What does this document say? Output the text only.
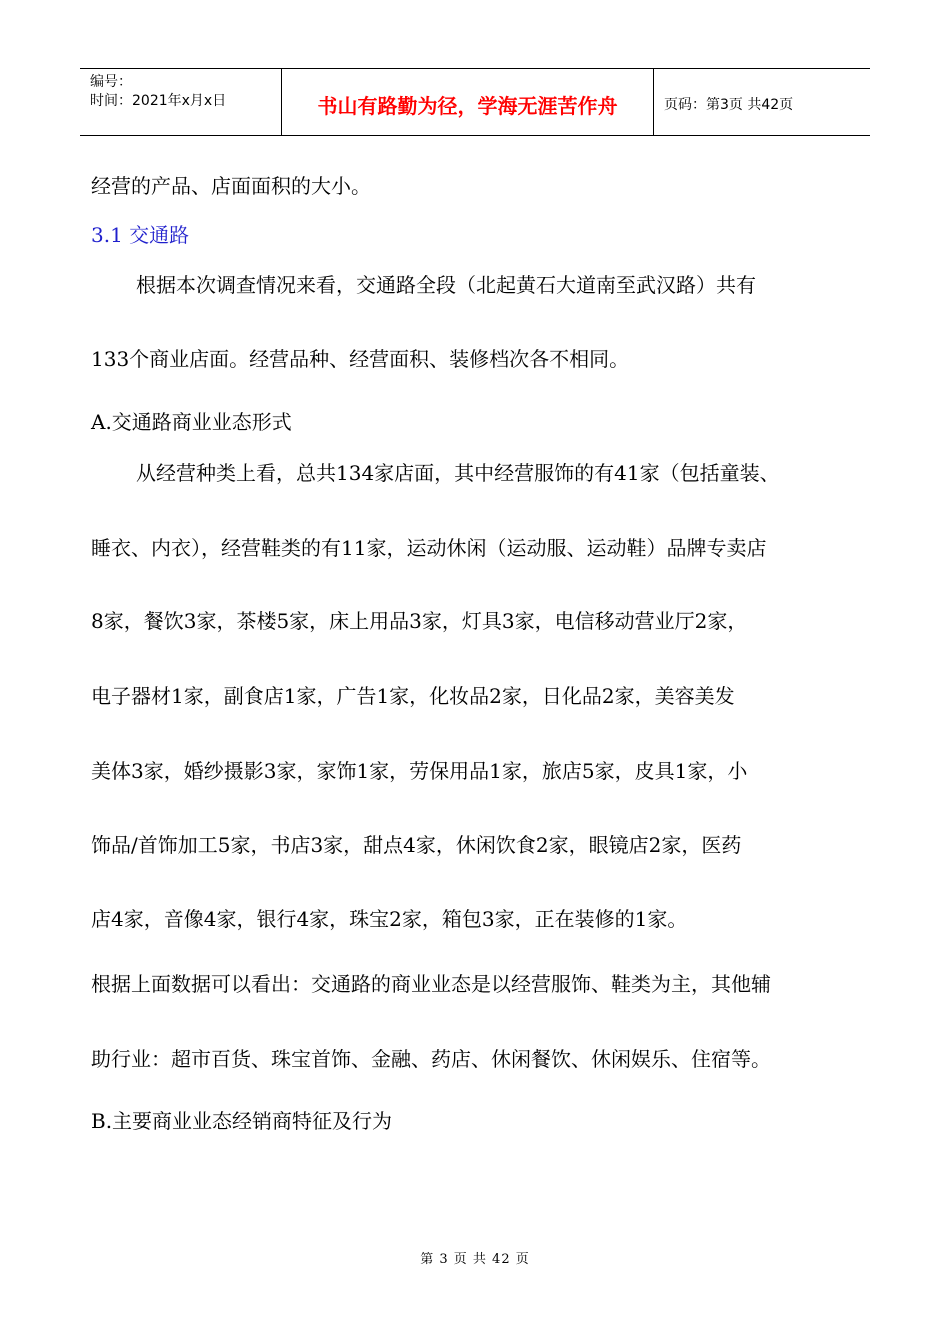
编号：
时间：2021年x月x日	书山有路勤为径，学海无涯苦作舟	页码：第3页 共42页
经营的产品、店面面积的大小。
3.1 交通路
根据本次调查情况来看，交通路全段（北起黄石大道南至武汉路）共有
133个商业店面。经营品种、经营面积、装修档次各不相同。
A.交通路商业业态形式
从经营种类上看，总共134家店面，其中经营服饰的有41家（包括童装、
睡衣、内衣），经营鞋类的有11家，运动休闲（运动服、运动鞋）品牌专卖店
8家，餐饮3家，茶楼5家，床上用品3家，灯具3家，电信移动营业厅2家，
电子器材1家，副食店1家，广告1家，化妆品2家，日化品2家，美容美发
美体3家，婚纱摄影3家，家饰1家，劳保用品1家，旅店5家，皮具1家，小
饰品/首饰加工5家，书店3家，甜点4家，休闲饮食2家，眼镜店2家，医药
店4家，音像4家，银行4家，珠宝2家，箱包3家，正在装修的1家。
根据上面数据可以看出：交通路的商业业态是以经营服饰、鞋类为主，其他辅
助行业：超市百货、珠宝首饰、金融、药店、休闲餐饮、休闲娱乐、住宿等。
B.主要商业业态经销商特征及行为
第 3 页 共 42 页
